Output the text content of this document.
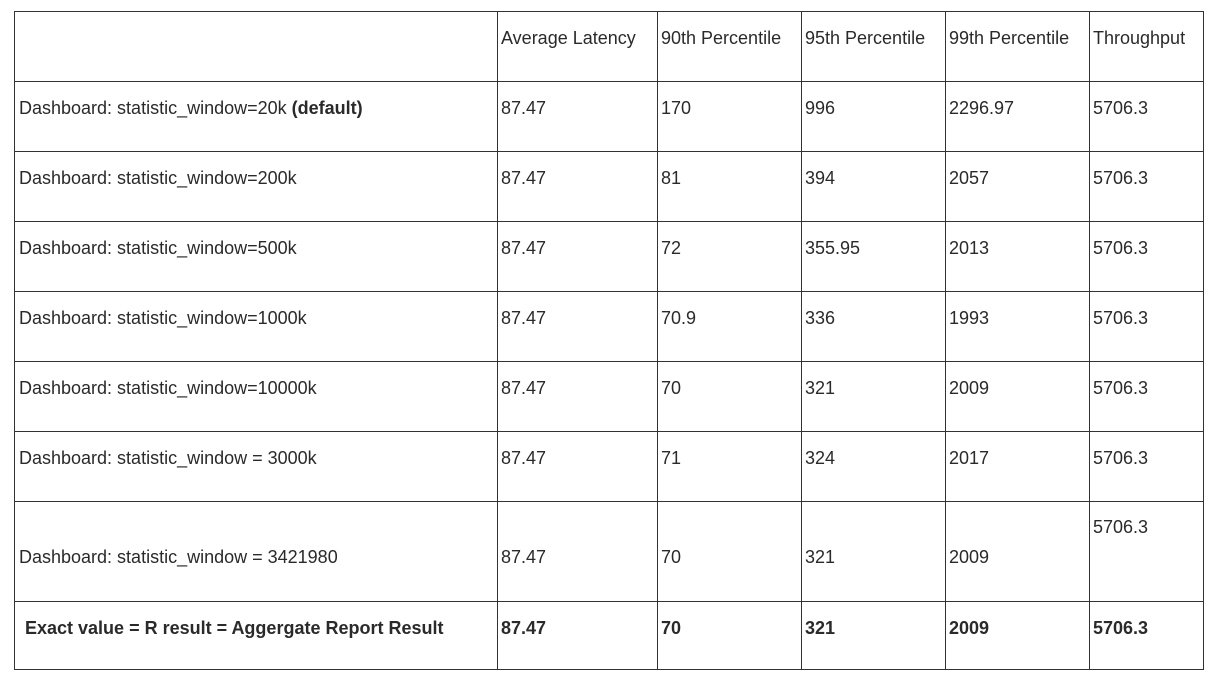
	Average Latency	90th Percentile	95th Percentile	99th Percentile	Throughput
Dashboard: statistic_window=20k (default)	87.47	170	996	2296.97	5706.3
Dashboard: statistic_window=200k	87.47	81	394	2057	5706.3
Dashboard: statistic_window=500k	87.47	72	355.95	2013	5706.3
Dashboard: statistic_window=1000k	87.47	70.9	336	1993	5706.3
Dashboard: statistic_window=10000k	87.47	70	321	2009	5706.3
Dashboard: statistic_window = 3000k	87.47	71	324	2017	5706.3
Dashboard: statistic_window = 3421980	87.47	70	321	2009	5706.3
Exact value = R result = Aggergate Report Result	87.47	70	321	2009	5706.3
